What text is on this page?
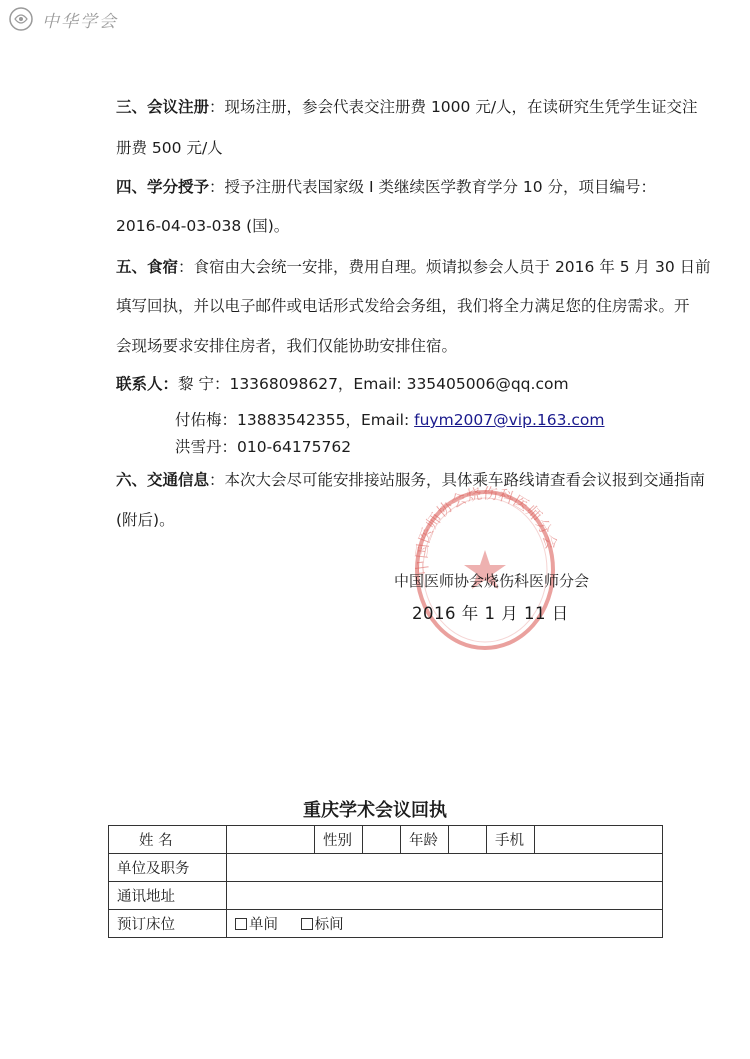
中华学会
三、会议注册：现场注册，参会代表交注册费 1000 元/人，在读研究生凭学生证交注
册费 500 元/人
四、学分授予：授予注册代表国家级 I 类继续医学教育学分 10 分，项目编号：
2016-04-03-038 (国)。
五、食宿：食宿由大会统一安排，费用自理。烦请拟参会人员于 2016 年 5 月 30 日前
填写回执，并以电子邮件或电话形式发给会务组，我们将全力满足您的住房需求。开
会现场要求安排住房者，我们仅能协助安排住宿。
联系人：黎 宁：13368098627，Email: 335405006@qq.com
付佑梅：13883542355，Email: fuym2007@vip.163.com
洪雪丹：010-64175762
六、交通信息：本次大会尽可能安排接站服务，具体乘车路线请查看会议报到交通指南
(附后)。
中国医师协会烧伤科医师分会
中国医师协会烧伤科医师分会
2016 年 1 月 11 日
重庆学术会议回执
姓 名		性别		年龄		手机	
单位及职务							
通讯地址							
预订床位	单间 标间						
